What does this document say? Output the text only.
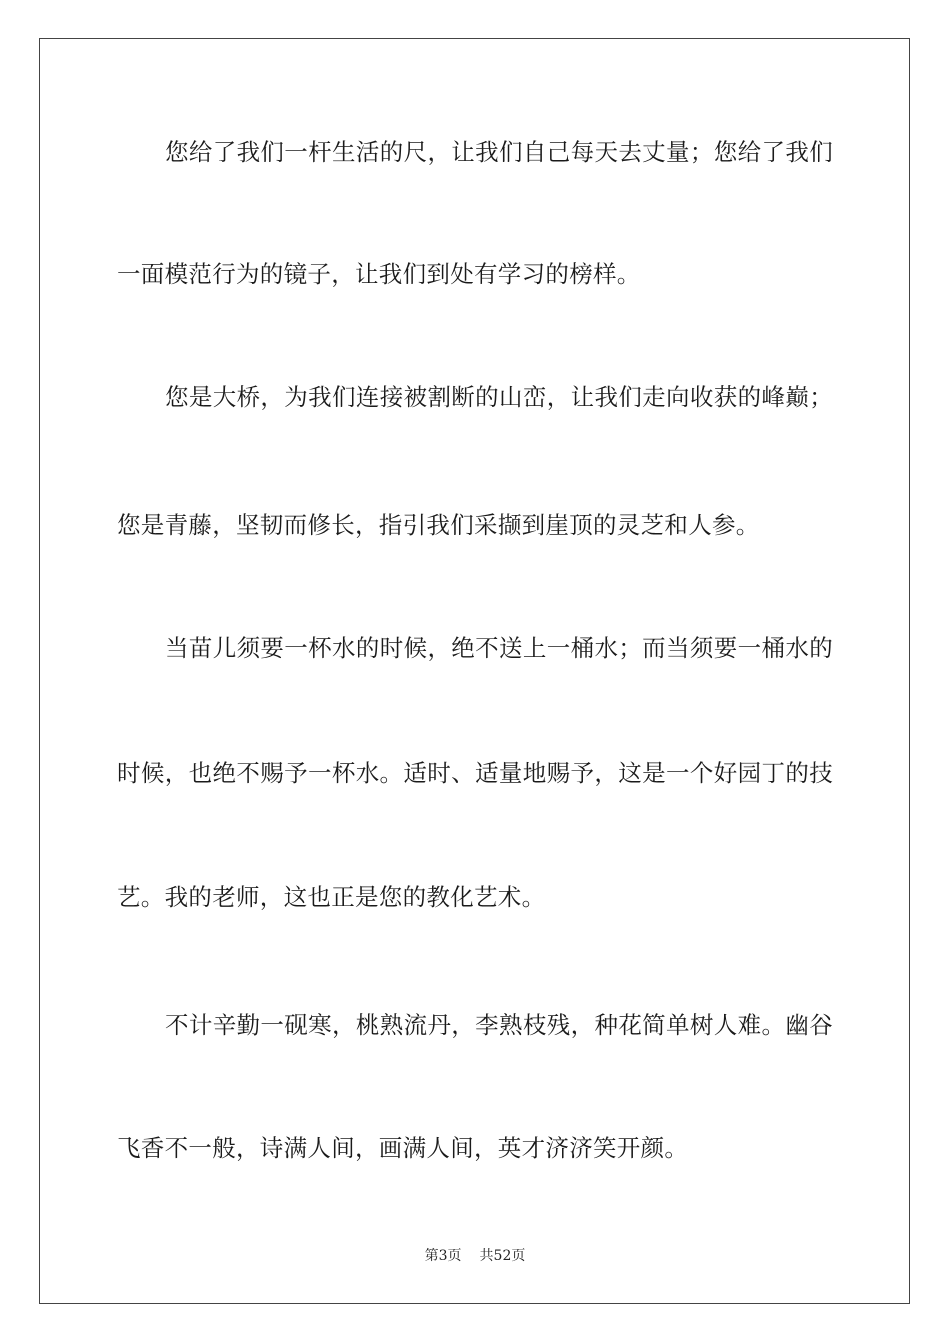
您给了我们一杆生活的尺，让我们自己每天去丈量；您给了我们
一面模范行为的镜子，让我们到处有学习的榜样。
您是大桥，为我们连接被割断的山峦，让我们走向收获的峰巅；
您是青藤，坚韧而修长，指引我们采撷到崖顶的灵芝和人参。
当苗儿须要一杯水的时候，绝不送上一桶水；而当须要一桶水的
时候，也绝不赐予一杯水。适时、适量地赐予，这是一个好园丁的技
艺。我的老师，这也正是您的教化艺术。
不计辛勤一砚寒，桃熟流丹，李熟枝残，种花简单树人难。幽谷
飞香不一般，诗满人间，画满人间，英才济济笑开颜。
第3页 共52页
